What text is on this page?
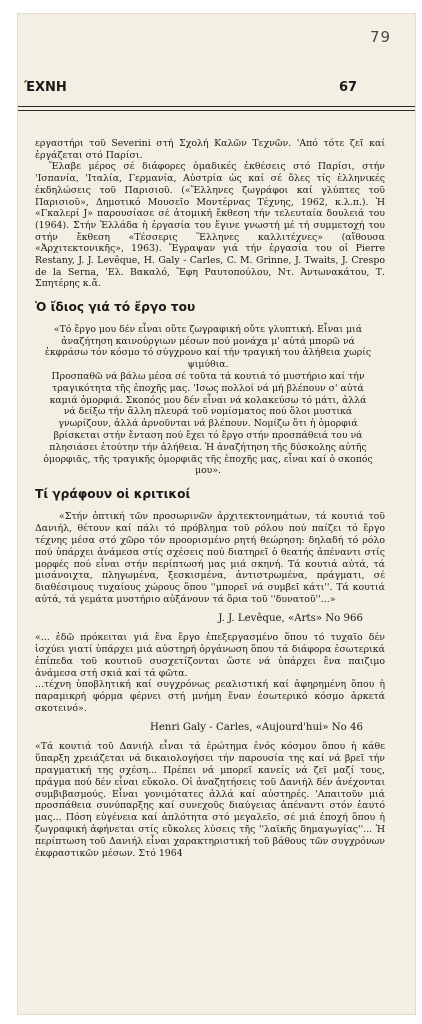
79
ΈΧΝΗ	67

εργαστήρι τοῦ Severini στή Σχολή Καλῶν Τεχνῶν. 'Από τότε ζεῖ καί ἐργάζεται στό Παρίσι.

Ἔλαβε μέρος σέ διάφορες ὁμαδικές ἐκθέσεις στό Παρίσι, στήν 'Ισπανία, 'Ιταλία, Γερμανία, Αὐστρία ὡς καί σέ ὅλες τίς ἑλληνικές ἐκδηλώσεις τοῦ Παρισιοῦ. («Ἕλληνες ζωγράφοι καί γλύπτες τοῦ Παρισιοῦ», Δημοτικό Μουσεῖο Μοντέρνας Τέχνης, 1962, κ.λ.π.). Ἡ «Γκαλερί J» παρουσίασε σέ ἀτομική ἔκθεση τήν τελευταία δουλειά του (1964). Στήν Ἑλλάδα ἡ ἐργασία του ἔγινε γνωστή μέ τή συμμετοχή του στήν ἔκθεση «Τέσσερις Ἕλληνες καλλιτέχνες» (αἴθουσα «Ἀρχιτεκτονικῆς», 1963). Ἔγραψαν γιά τήν ἐργασία του οἱ Pierre Restany, J. J. Levêque, H. Galy - Carles, C. M. Grinne, J. Twaits, J. Crespo de la Serna, 'Ελ. Βακαλό, Ἔφη Ραυτοπούλου, Ντ. Ἀντωνακάτου, Τ. Σπητέρης κ.ἄ.

Ὁ ἴδιος γιά τό ἔργο του

«Τό ἔργο μου δέν εἶναι οὔτε ζωγραφική οὔτε γλυπτική. Εἶναι μιά ἀναζήτηση καινούργιων μέσων πού μονάχα μ' αὐτά μπορῶ νά ἐκφράσω τόν κόσμο τό σύγχρονο καί τήν τραγική του ἀλήθεια χωρίς ψιμύθια.

Προσπαθῶ νά βάλω μέσα σέ τοῦτα τά κουτιά τό μυστήριο καί τήν τραγικότητα τῆς ἐποχῆς μας. 'Ισως πολλοί νά μή βλέπουν σ' αὐτά καμιά ὀμορφιά. Σκοπός μου δέν εἶναι νά κολακεύσω τό μάτι, ἀλλά νά δείξω τήν ἄλλη πλευρά τοῦ νομίσματος πού ὅλοι μυστικά γνωρίζουν, ἀλλά ἀρνοῦνται νά βλέπουν. Νομίζω ὅτι ἡ ὀμορφιά βρίσκεται στήν ἔνταση πού ἔχει τό ἔργο στήν προσπάθειά του νά πλησιάσει ἐτούτην τήν ἀλήθεια. Ἡ ἀναζήτηση τῆς δύσκολης αὐτῆς ὀμορφιᾶς, τῆς τραγικῆς ὀμορφιᾶς τῆς ἐποχῆς μας, εἶναι καί ὁ σκοπός μου».

Τί γράφουν οἱ κριτικοί

«Στήν ὀπτική τῶν προσωρινῶν ἀρχιτεκτονημάτων, τά κουτιά τοῦ Δανιήλ, θέτουν καί πάλι τό πρόβλημα τοῦ ρόλου πού παίζει τό ἔργο τέχνης μέσα στό χῶρο τόν προορισμένο ρητή θεώρηση: δηλαδή τό ρόλο πού ὑπάρχει ἀνάμεσα στίς σχέσεις πού διατηρεῖ ὁ θεατής ἀπέναντι στίς μορφές πού εἶναι στήν περίπτωσή μας μιά σκηνή. Τά κουτιά αὐτά, τά μισάνοιχτα, πληγωμένα, ξεσκισμένα, ἀντιστρωμένα, πράγματι, σέ διαθέσιμους τυχαίους χώρους ὅπου ''μπορεῖ νά συμβεῖ κάτι''. Τά κουτιά αὐτά, τά γεμάτα μυστήριο αὐξάνουν τά ὅρια τοῦ ''δυνατοῦ''...»

J. J. Levêque, «Arts» No 966

«... ἐδῶ πρόκειται γιά ἕνα ἔργο ἐπεξεργασμένο ὅπου τό τυχαῖο δέν ἰσχύει γιατί ὑπάρχει μιά αὐστηρή ὀργάνωση ὅπου τά διάφορα ἐσωτερικά ἐπίπεδα τοῦ κουτιοῦ συσχετίζονται ὥστε νά ὑπάρχει ἕνα παιζιμο ἀνάμεσα στή σκιά καί τά φῶτα.

...τέχνη ὑποβλητική καί συγχρόνως ρεαλιστική καί ἀφηρημένη ὅπου ἡ παραμικρή φόρμα φέρνει στή μνήμη ἕναν ἐσωτερικό κόσμο ἀρκετά σκοτεινό».

Henri Galy - Carles, «Aujourd'hui» No 46

«Τά κουτιά τοῦ Δανιήλ εἶναι τά ἐρώτημα ἑνός κόσμου ὅπου ἡ κάθε ὕπαρξη χρειάζεται νά δικαιολογήσει τήν παρουσία της καί νά βρεῖ τήν πραγματική της σχέση... Πρέπει νά μπορεῖ κανείς νά ζεῖ μαζί τους, πράγμα πού δέν εἶναι εὔκολο. Οἱ ἀναζητήσεις τοῦ Δανιήλ δέν ἀνέχονται συμβιβασμούς. Εἶναι γονιμότατες ἀλλά καί αὐστηρές. 'Απαιτοῦν μιά προσπάθεια συνύπαρξης καί συνεχοῦς διαύγειας ἀπέναντι στόν ἑαυτό μας... Πόση εὐγένεια καί ἁπλότητα στό μεγαλεῖο, σέ μιά ἐποχή ὅπου ἡ ζωγραφική ἀφήνεται στίς εὔκολες λύσεις τῆς ''λαϊκῆς δημαγωγίας''... Ἡ περίπτωση τοῦ Δανιήλ εἶναι χαρακτηριστική τοῦ βάθους τῶν συγχρόνων ἐκφραστικῶν μέσων. Στό 1964
